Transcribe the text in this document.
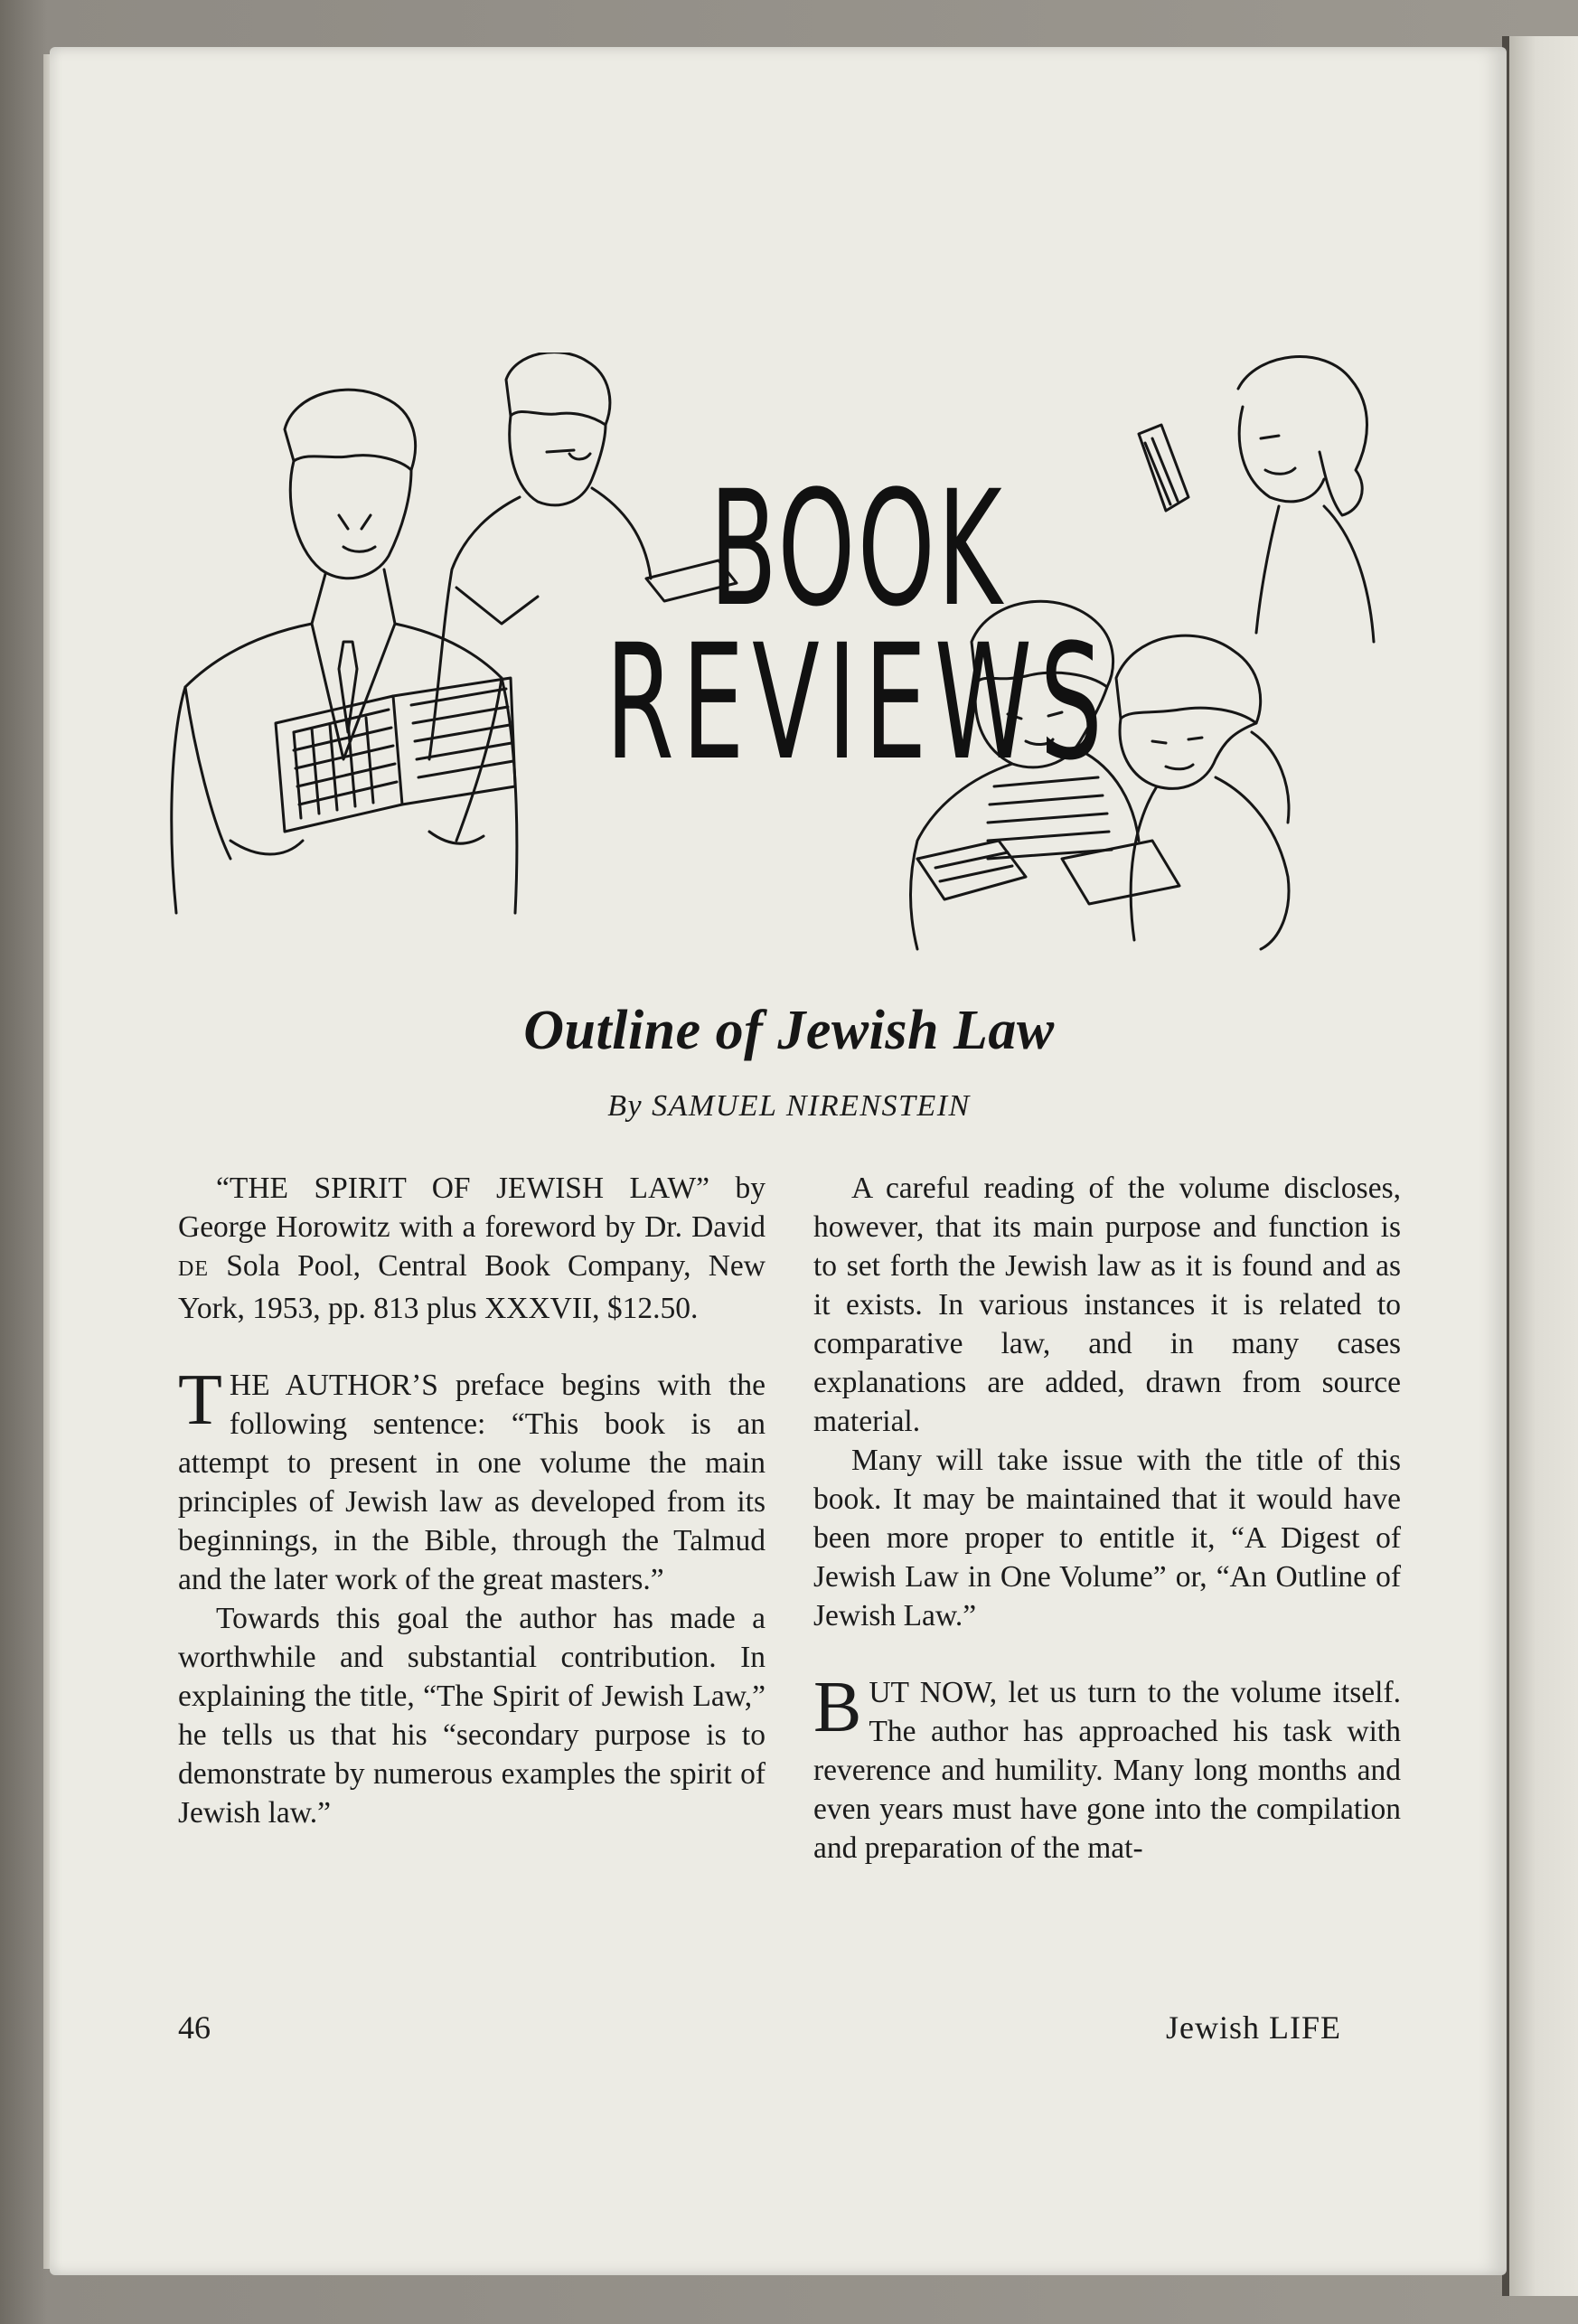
BOOK
REVIEWS
Outline of Jewish Law
By SAMUEL NIRENSTEIN

“THE SPIRIT OF JEWISH LAW” by George Horowitz with a foreword by Dr. David DE Sola Pool, Central Book Company, New York, 1953, pp. 813 plus XXXVII, $12.50.

THE AUTHOR’S preface begins with the following sentence: “This book is an attempt to present in one volume the main principles of Jewish law as developed from its beginnings, in the Bible, through the Talmud and the later work of the great masters.”

Towards this goal the author has made a worthwhile and substantial contribution. In explaining the title, “The Spirit of Jewish Law,” he tells us that his “secondary purpose is to demonstrate by numerous examples the spirit of Jewish law.”

A careful reading of the volume discloses, however, that its main purpose and function is to set forth the Jewish law as it is found and as it exists. In various instances it is related to comparative law, and in many cases explanations are added, drawn from source material.

Many will take issue with the title of this book. It may be maintained that it would have been more proper to entitle it, “A Digest of Jewish Law in One Volume” or, “An Outline of Jewish Law.”

BUT NOW, let us turn to the volume itself. The author has approached his task with reverence and humility. Many long months and even years must have gone into the compilation and preparation of the mat-

46	Jewish LIFE
